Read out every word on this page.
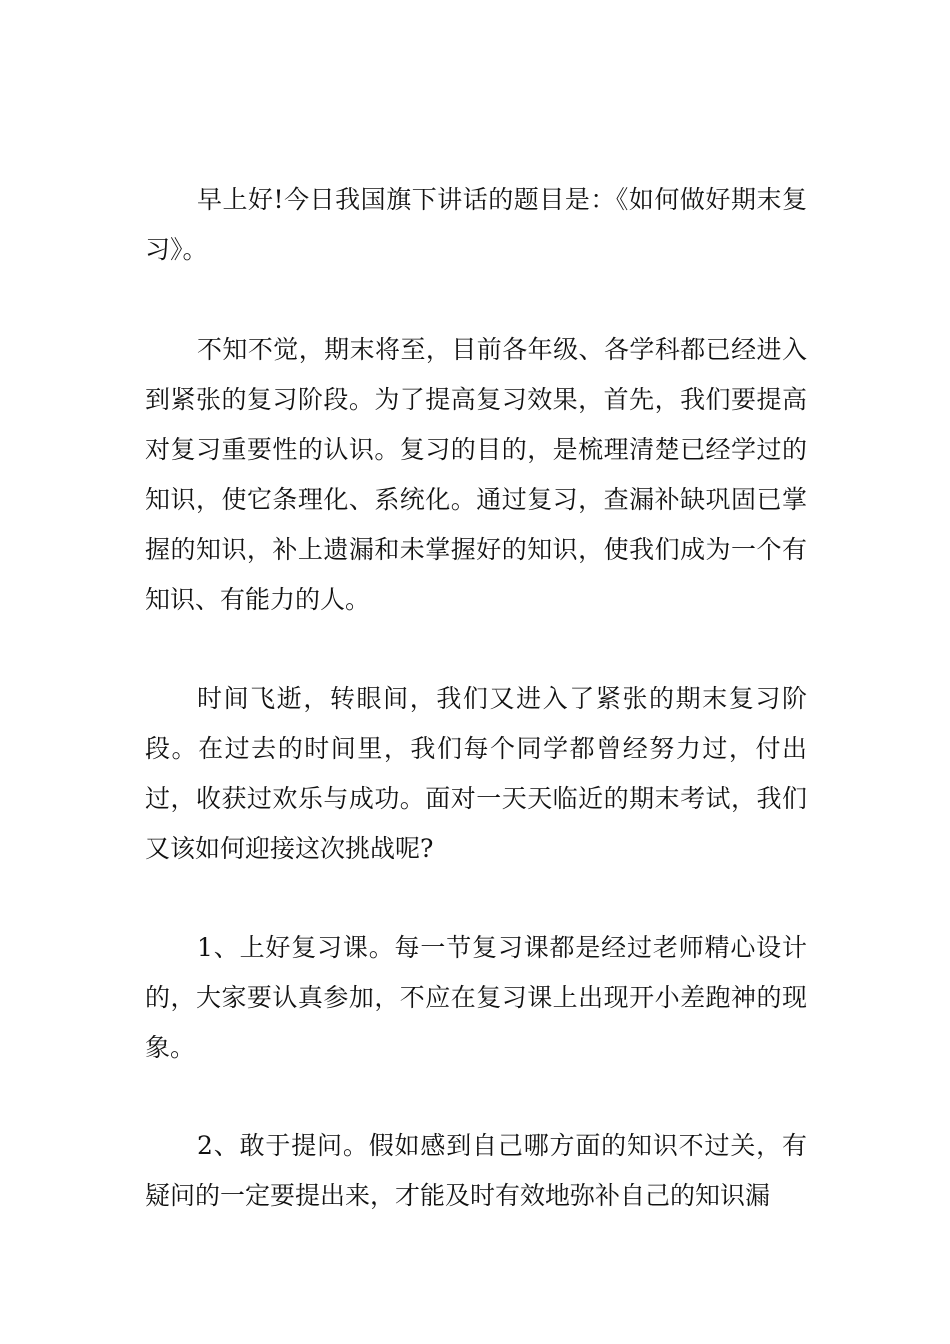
早上好!今日我国旗下讲话的题目是：《如何做好期末复习》。

不知不觉，期末将至，目前各年级、各学科都已经进入到紧张的复习阶段。为了提高复习效果，首先，我们要提高对复习重要性的认识。复习的目的，是梳理清楚已经学过的知识，使它条理化、系统化。通过复习，查漏补缺巩固已掌握的知识，补上遗漏和未掌握好的知识，使我们成为一个有知识、有能力的人。

时间飞逝，转眼间，我们又进入了紧张的期末复习阶段。在过去的时间里，我们每个同学都曾经努力过，付出过，收获过欢乐与成功。面对一天天临近的期末考试，我们又该如何迎接这次挑战呢?

1、上好复习课。每一节复习课都是经过老师精心设计的，大家要认真参加，不应在复习课上出现开小差跑神的现象。

2、敢于提问。假如感到自己哪方面的知识不过关，有疑问的一定要提出来，才能及时有效地弥补自己的知识漏
